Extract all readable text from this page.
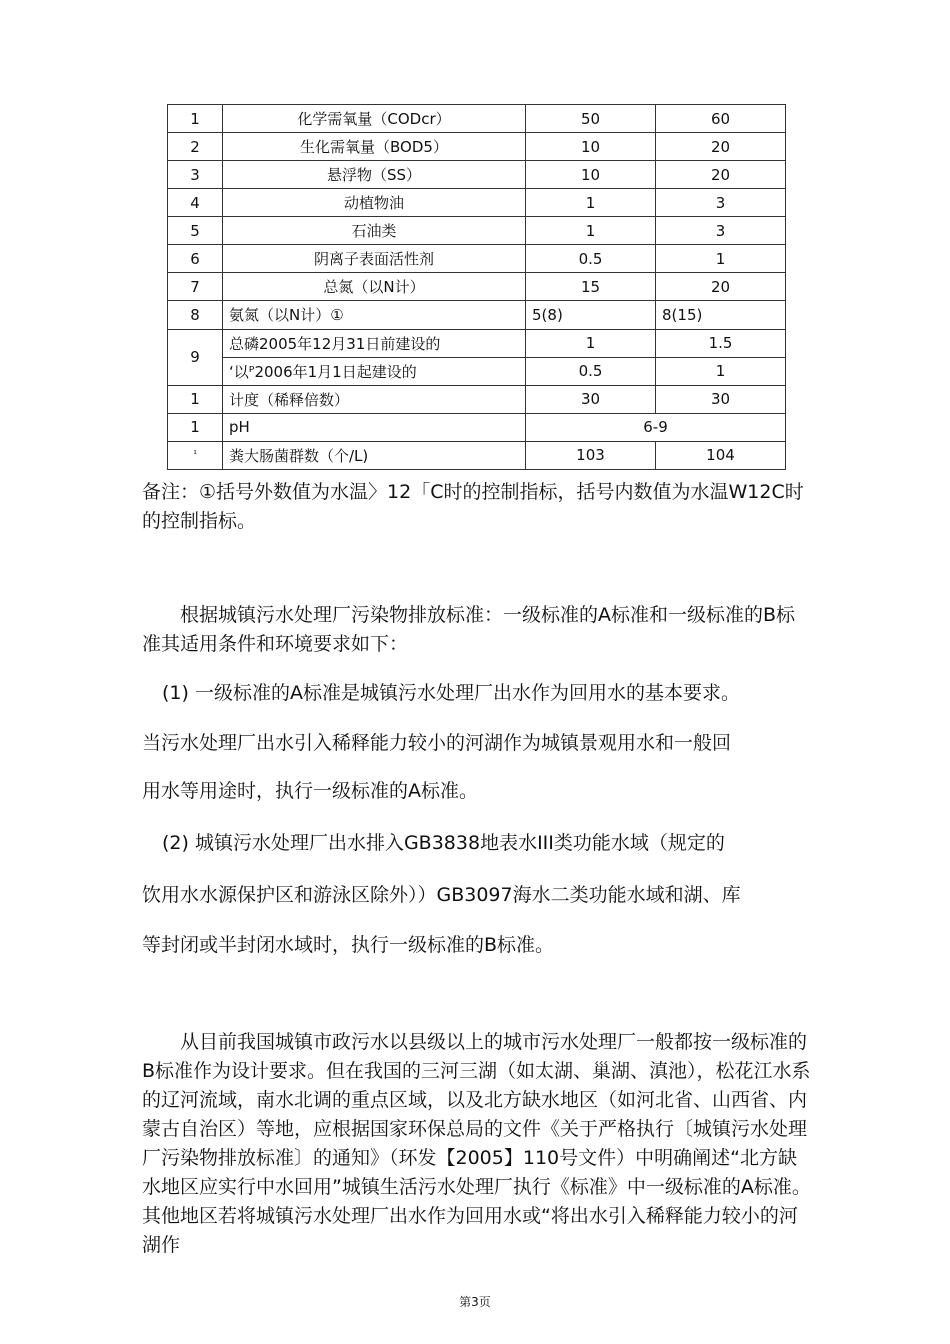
1	化学需氧量（CODcr）	50	60
2	生化需氧量（BOD5）	10	20
3	悬浮物（SS）	10	20
4	动植物油	1	3
5	石油类	1	3
6	阴离子表面活性剂	0.5	1
7	总氮（以N计）	15	20
8	氨氮（以N计）①	5(8)	8(15)
9	总磷2005年12月31日前建设的	1	1.5
	‘以ᴾ2006年1月1日起建设的	0.5	1
1	计度（稀释倍数）	30	30
1	pH	6-9	
¹	粪大肠菌群数（个/L)	103	104
备注：①括号外数值为水温〉12「C时的控制指标，括号内数值为水温W12C时的控制指标。
根据城镇污水处理厂污染物排放标准：一级标准的A标准和一级标准的B标准其适用条件和环境要求如下：
(1) 一级标准的A标准是城镇污水处理厂出水作为回用水的基本要求。
当污水处理厂出水引入稀释能力较小的河湖作为城镇景观用水和一般回
用水等用途时，执行一级标准的A标准。
(2) 城镇污水处理厂出水排入GB3838地表水III类功能水域（规定的
饮用水水源保护区和游泳区除外））GB3097海水二类功能水域和湖、库
等封闭或半封闭水域时，执行一级标准的B标准。
从目前我国城镇市政污水以县级以上的城市污水处理厂一般都按一级标准的B标准作为设计要求。但在我国的三河三湖（如太湖、巢湖、滇池），松花江水系的辽河流域，南水北调的重点区域，以及北方缺水地区（如河北省、山西省、内蒙古自治区）等地，应根据国家环保总局的文件《关于严格执行〔城镇污水处理厂污染物排放标准〕的通知》（环发【2005】110号文件）中明确阐述“北方缺水地区应实行中水回用”城镇生活污水处理厂执行《标准》中一级标准的A标准。其他地区若将城镇污水处理厂出水作为回用水或“将出水引入稀释能力较小的河湖作
第3页
